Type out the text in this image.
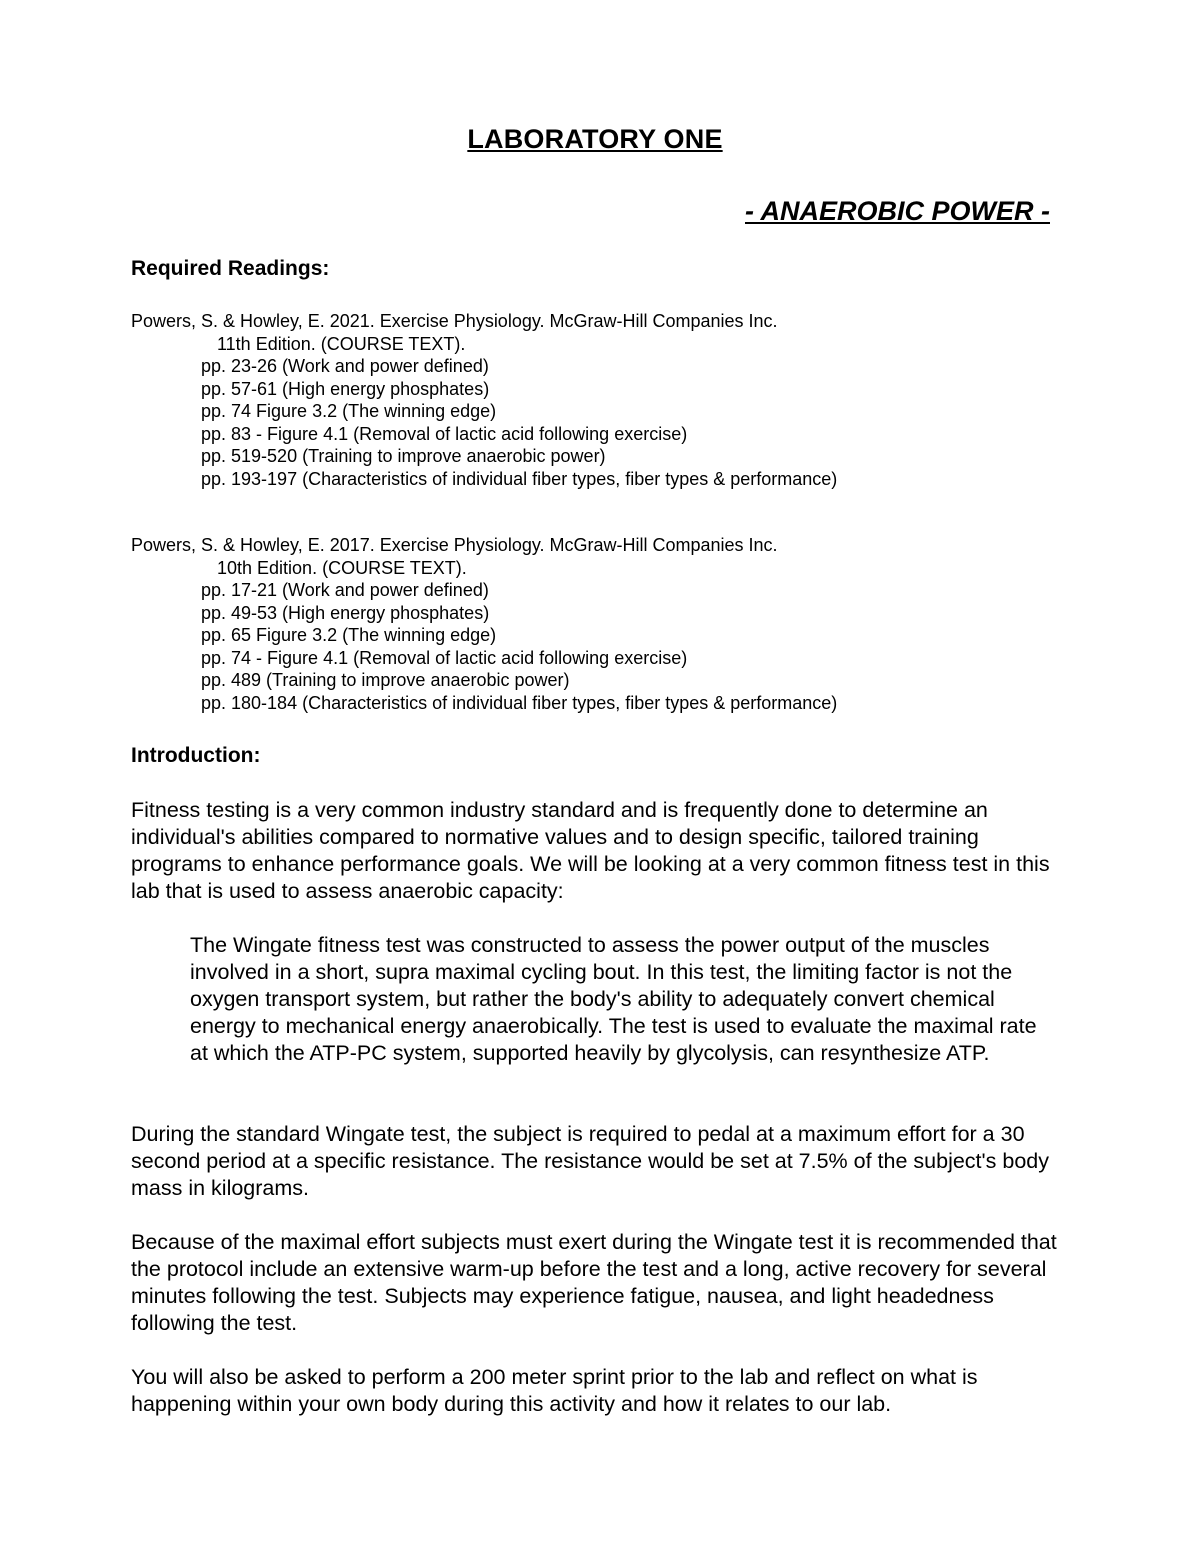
LABORATORY ONE
- ANAEROBIC POWER -
Required Readings:
Powers, S. & Howley, E. 2021. Exercise Physiology. McGraw-Hill Companies Inc.
11th Edition. (COURSE TEXT).
pp. 23-26 (Work and power defined)
pp. 57-61 (High energy phosphates)
pp. 74 Figure 3.2 (The winning edge)
pp. 83 - Figure 4.1 (Removal of lactic acid following exercise)
pp. 519-520 (Training to improve anaerobic power)
pp. 193-197 (Characteristics of individual fiber types, fiber types & performance)
Powers, S. & Howley, E. 2017. Exercise Physiology. McGraw-Hill Companies Inc.
10th Edition. (COURSE TEXT).
pp. 17-21 (Work and power defined)
pp. 49-53 (High energy phosphates)
pp. 65 Figure 3.2 (The winning edge)
pp. 74 - Figure 4.1 (Removal of lactic acid following exercise)
pp. 489 (Training to improve anaerobic power)
pp. 180-184 (Characteristics of individual fiber types, fiber types & performance)
Introduction:

Fitness testing is a very common industry standard and is frequently done to determine an individual's abilities compared to normative values and to design specific, tailored training programs to enhance performance goals. We will be looking at a very common fitness test in this lab that is used to assess anaerobic capacity:

The Wingate fitness test was constructed to assess the power output of the muscles involved in a short, supra maximal cycling bout. In this test, the limiting factor is not the oxygen transport system, but rather the body's ability to adequately convert chemical energy to mechanical energy anaerobically. The test is used to evaluate the maximal rate at which the ATP-PC system, supported heavily by glycolysis, can resynthesize ATP.

During the standard Wingate test, the subject is required to pedal at a maximum effort for a 30 second period at a specific resistance. The resistance would be set at 7.5% of the subject's body mass in kilograms.

Because of the maximal effort subjects must exert during the Wingate test it is recommended that the protocol include an extensive warm-up before the test and a long, active recovery for several minutes following the test. Subjects may experience fatigue, nausea, and light headedness following the test.

You will also be asked to perform a 200 meter sprint prior to the lab and reflect on what is happening within your own body during this activity and how it relates to our lab.
